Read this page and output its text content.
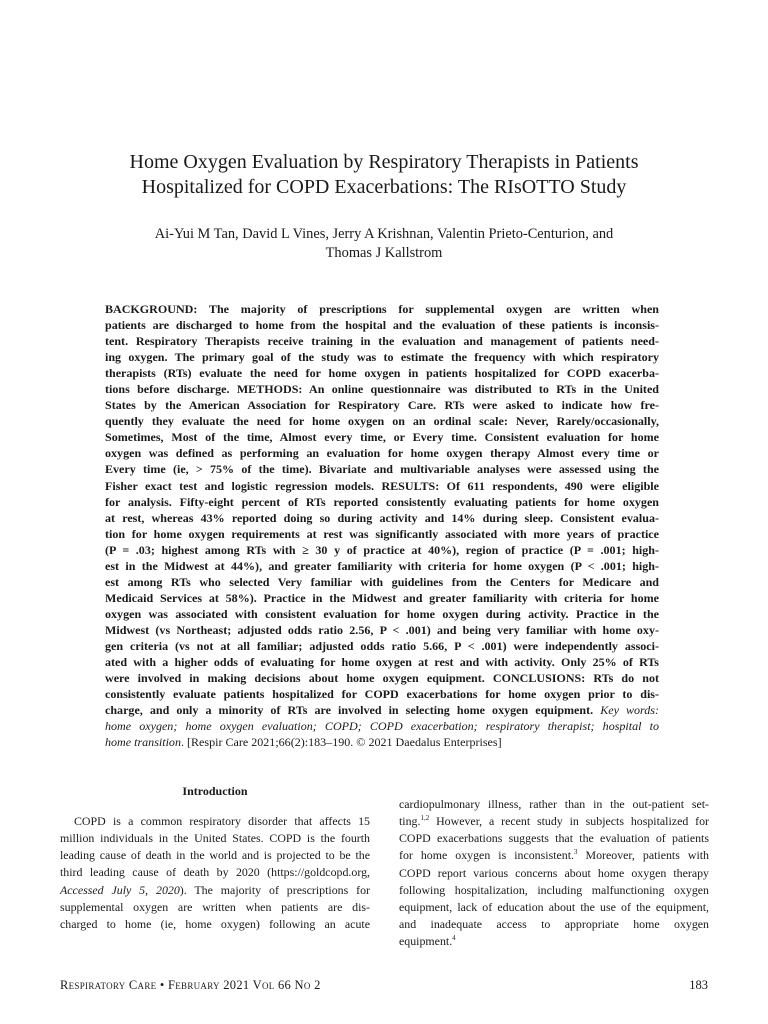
Home Oxygen Evaluation by Respiratory Therapists in Patients
Hospitalized for COPD Exacerbations: The RIsOTTO Study

Ai-Yui M Tan, David L Vines, Jerry A Krishnan, Valentin Prieto-Centurion, and
Thomas J Kallstrom

BACKGROUND: The majority of prescriptions for supplemental oxygen are written when
patients are discharged to home from the hospital and the evaluation of these patients is inconsis-
tent. Respiratory Therapists receive training in the evaluation and management of patients need-
ing oxygen. The primary goal of the study was to estimate the frequency with which respiratory
therapists (RTs) evaluate the need for home oxygen in patients hospitalized for COPD exacerba-
tions before discharge. METHODS: An online questionnaire was distributed to RTs in the United
States by the American Association for Respiratory Care. RTs were asked to indicate how fre-
quently they evaluate the need for home oxygen on an ordinal scale: Never, Rarely/occasionally,
Sometimes, Most of the time, Almost every time, or Every time. Consistent evaluation for home
oxygen was defined as performing an evaluation for home oxygen therapy Almost every time or
Every time (ie, > 75% of the time). Bivariate and multivariable analyses were assessed using the
Fisher exact test and logistic regression models. RESULTS: Of 611 respondents, 490 were eligible
for analysis. Fifty-eight percent of RTs reported consistently evaluating patients for home oxygen
at rest, whereas 43% reported doing so during activity and 14% during sleep. Consistent evalua-
tion for home oxygen requirements at rest was significantly associated with more years of practice
(P = .03; highest among RTs with ≥ 30 y of practice at 40%), region of practice (P = .001; high-
est in the Midwest at 44%), and greater familiarity with criteria for home oxygen (P < .001; high-
est among RTs who selected Very familiar with guidelines from the Centers for Medicare and
Medicaid Services at 58%). Practice in the Midwest and greater familiarity with criteria for home
oxygen was associated with consistent evaluation for home oxygen during activity. Practice in the
Midwest (vs Northeast; adjusted odds ratio 2.56, P < .001) and being very familiar with home oxy-
gen criteria (vs not at all familiar; adjusted odds ratio 5.66, P < .001) were independently associ-
ated with a higher odds of evaluating for home oxygen at rest and with activity. Only 25% of RTs
were involved in making decisions about home oxygen equipment. CONCLUSIONS: RTs do not
consistently evaluate patients hospitalized for COPD exacerbations for home oxygen prior to dis-
charge, and only a minority of RTs are involved in selecting home oxygen equipment. Key words:
home oxygen; home oxygen evaluation; COPD; COPD exacerbation; respiratory therapist; hospital to
home transition. [Respir Care 2021;66(2):183–190. © 2021 Daedalus Enterprises]
Introduction
COPD is a common respiratory disorder that affects 15
million individuals in the United States. COPD is the fourth
leading cause of death in the world and is projected to be the
third leading cause of death by 2020 (https://goldcopd.org,
Accessed July 5, 2020). The majority of prescriptions for
supplemental oxygen are written when patients are dis-
charged to home (ie, home oxygen) following an acute
cardiopulmonary illness, rather than in the out-patient set-
ting.$^{1,2}$ However, a recent study in subjects hospitalized for
COPD exacerbations suggests that the evaluation of patients
for home oxygen is inconsistent.$^3$ Moreover, patients with
COPD report various concerns about home oxygen therapy
following hospitalization, including malfunctioning oxygen
equipment, lack of education about the use of the equipment,
and inadequate access to appropriate home oxygen
equipment.$^4$
Respiratory Care • February 2021 Vol 66 No 2	183
